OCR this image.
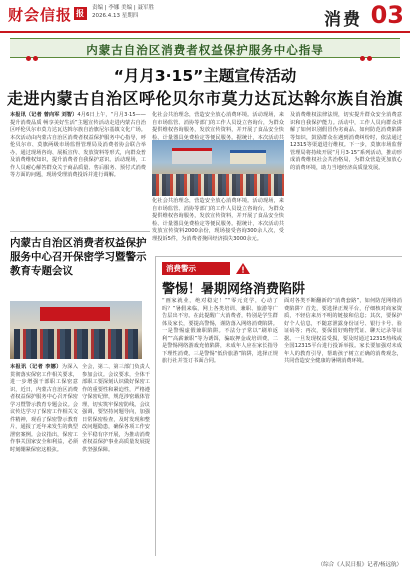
财会信报 报	责编 | 李娜 美编 | 聂军胜
2026.4.13 星期四	消费 03
内蒙古自治区消费者权益保护服务中心指导
“月月3·15”主题宣传活动
走进内蒙古自治区呼伦贝尔市莫力达瓦达斡尔族自治旗
本报讯（记者 曾向军 刘智）4月6日上午，“月月3·15——提升消费品质 畅享美好生活”主题宣传活动走进内蒙古自治区呼伦贝尔市莫力达瓦达斡尔族自治旗尼尔基镇文化广场。本次活动由内蒙古自治区消费者权益保护服务中心指导，呼伦贝尔市、莫旗两级市场监督管理局及消费者协会联合举办，通过现场咨询、展板宣传、发放资料等形式，向群众普及消费维权知识，提升消费者自我保护意识。活动现场，工作人员耐心解答群众关于商品质量、售后服务、预付式消费等方面的问题，现场受理消费投诉并进行调解。
化社会共治理念，营造安全放心消费环境。活动现场，来自市场监管、消协等部门的工作人员设立咨询台，为群众提供维权咨询服务，发放宣传资料，并开展了食品安全快检、计量器具免费检定等便民服务。据统计，本次活动共
化社会共治理念，营造安全放心消费环境。活动现场，来自市场监管、消协等部门的工作人员设立咨询台，为群众提供维权咨询服务，发放宣传资料，并开展了食品安全快检、计量器具免费检定等便民服务。据统计，本次活动共发放宣传资料2000余份，现场接受咨询300余人次，受理投诉5件，为消费者挽回经济损失3000余元。
及消费维权法律法规，切实提升群众安全消费意识和自我保护能力。活动中，工作人员向群众讲解了如何识别假冒伪劣商品、如何防范消费陷阱等知识，鼓励群众在遇到消费纠纷时，依法通过12315等渠道进行维权。下一步，莫旗市场监督管理局将持续开展“月月3·15”系列活动，推动形成消费维权社会共治格局，为群众营造更加放心的消费环境，助力当地经济高质量发展。
内蒙古自治区消费者权益保护服务中心召开保密学习暨警示教育专题会议
本报讯（记者 李娜）为深入贯彻落实保密工作相关要求，进一步增强干部职工保密意识，近日，内蒙古自治区消费者权益保护服务中心召开保密学习暨警示教育专题会议。会议传达学习了保密工作相关文件精神，观看了保密警示教育片，通报了近年来发生的典型泄密案例。会议指出，保密工作事关国家安全和利益，必须时刻绷紧保密这根弦。
全会，第二、第三部门负责人参加会议。会议要求，全体干部职工要深刻认识做好保密工作的重要性和紧迫性，严格遵守保密纪律，规范涉密载体管理，切实筑牢保密防线。会议强调，要坚持问题导向，加强日常保密检查，及时发现和整改问题隐患，确保各项工作安全平稳有序开展，为推动消费者权益保护事业高质量发展提供坚强保障。
消费警示
警惕！暑期网络消费陷阱
“画家就业，绝对稳定！”“零元竞学，心动了吗？”暑假来临，网上各类培训、兼职、旅游等广告层出不穷。在此提醒广大消费者，特别是学生群体及家长，要提高警惕，谨防落入网络消费陷阱。一是警惕虚假兼职陷阱。不法分子常以“刷单返利”“高薪兼职”等为诱饵，骗取押金或培训费。二是警惕网络游戏充值陷阱，未成年人应在家长指导下理性消费。三是警惕“低价旅游”陷阱，选择正规旅行社并签订书面合同。
面对各类不断翻新的“消费套路”，如何防范网络消费陷阱？首先，要选择正规平台，仔细核对商家资质，不轻信来历不明的链接和信息；其次，要保护好个人信息，不随意泄露身份证号、银行卡号、验证码等；再次，要保留好购物凭证、聊天记录等证据。一旦发现权益受损，要及时通过12315热线或全国12315平台进行投诉举报。家长要加强对未成年人的教育引导，帮助孩子树立正确的消费观念，共同营造安全健康的暑期消费环境。
（综合《人民日报》记者/杨远航）
